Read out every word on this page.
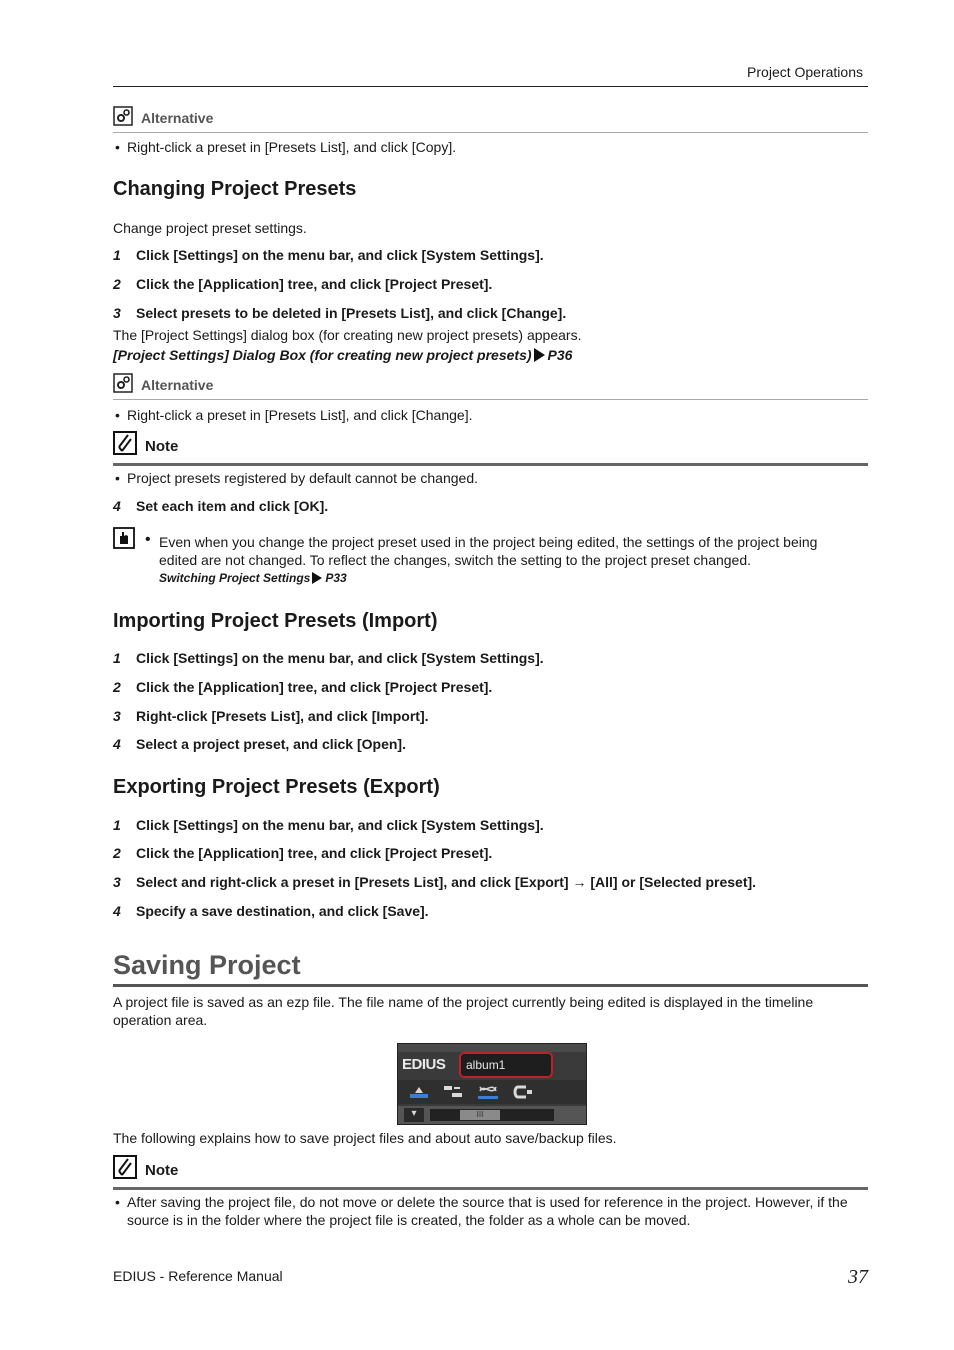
Project Operations
Alternative
• Right-click a preset in [Presets List], and click [Copy].
Changing Project Presets
Change project preset settings.
1 Click [Settings] on the menu bar, and click [System Settings].
2 Click the [Application] tree, and click [Project Preset].
3 Select presets to be deleted in [Presets List], and click [Change].
The [Project Settings] dialog box (for creating new project presets) appears.
[Project Settings] Dialog Box (for creating new project presets) P36
Alternative
• Right-click a preset in [Presets List], and click [Change].
Note
• Project presets registered by default cannot be changed.
4 Set each item and click [OK].
• Even when you change the project preset used in the project being edited, the settings of the project being edited are not changed. To reflect the changes, switch the setting to the project preset changed.
Switching Project Settings P33
Importing Project Presets (Import)
1 Click [Settings] on the menu bar, and click [System Settings].
2 Click the [Application] tree, and click [Project Preset].
3 Right-click [Presets List], and click [Import].
4 Select a project preset, and click [Open].
Exporting Project Presets (Export)
1 Click [Settings] on the menu bar, and click [System Settings].
2 Click the [Application] tree, and click [Project Preset].
3 Select and right-click a preset in [Presets List], and click [Export] → [All] or [Selected preset].
4 Specify a save destination, and click [Save].
Saving Project
A project file is saved as an ezp file. The file name of the project currently being edited is displayed in the timeline operation area.
EDIUS album1
▾	III
The following explains how to save project files and about auto save/backup files.
Note
• After saving the project file, do not move or delete the source that is used for reference in the project. However, if the source is in the folder where the project file is created, the folder as a whole can be moved.
EDIUS - Reference Manual	37
